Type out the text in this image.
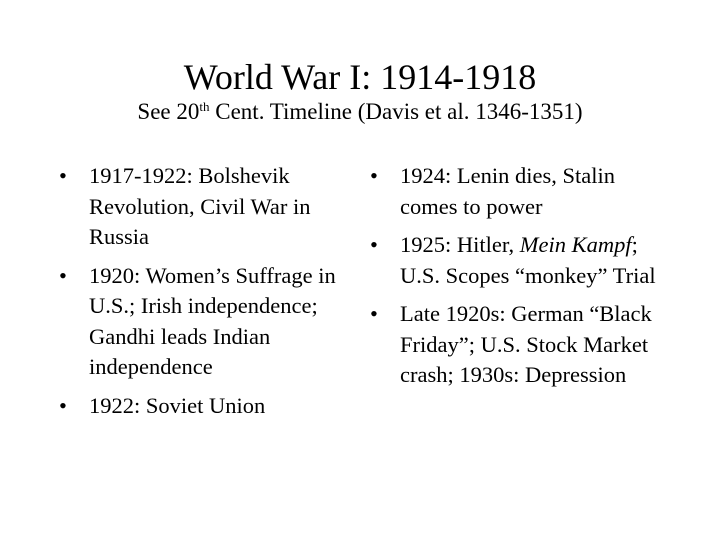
World War I: 1914-1918

See 20th Cent. Timeline (Davis et al. 1346-1351)

• 1917-1922: Bolshevik Revolution, Civil War in Russia
• 1920: Women’s Suffrage in U.S.; Irish independence; Gandhi leads Indian independence
• 1922: Soviet Union
• 1924: Lenin dies, Stalin comes to power
• 1925: Hitler, Mein Kampf; U.S. Scopes “monkey” Trial
• Late 1920s: German “Black Friday”; U.S. Stock Market crash; 1930s: Depression
